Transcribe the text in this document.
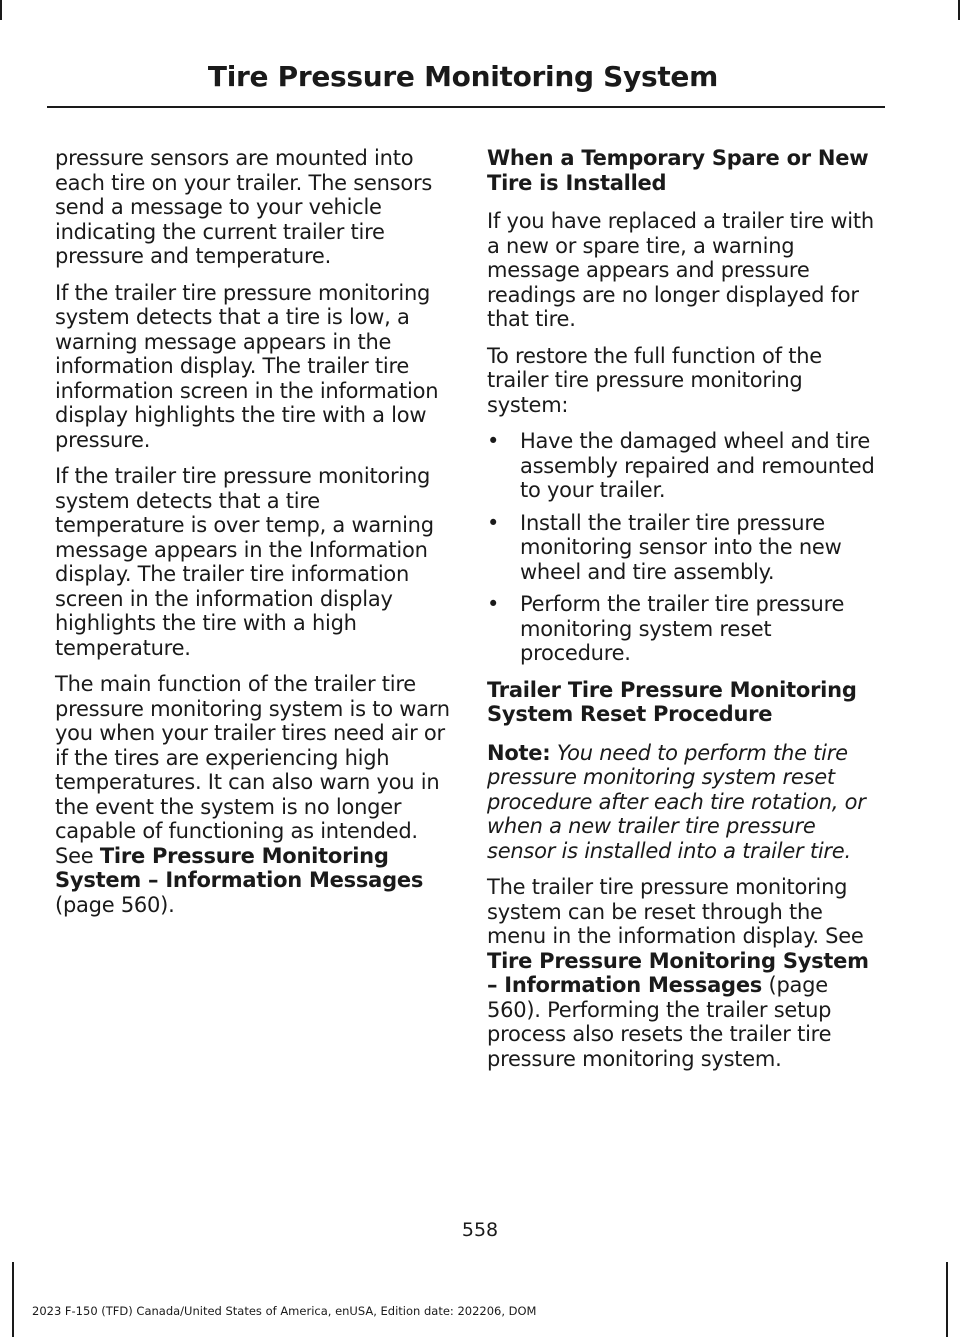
Tire Pressure Monitoring System

pressure sensors are mounted into each tire on your trailer. The sensors send a message to your vehicle indicating the current trailer tire pressure and temperature.

If the trailer tire pressure monitoring system detects that a tire is low, a warning message appears in the information display. The trailer tire information screen in the information display highlights the tire with a low pressure.

If the trailer tire pressure monitoring system detects that a tire temperature is over temp, a warning message appears in the Information display. The trailer tire information screen in the information display highlights the tire with a high temperature.

The main function of the trailer tire pressure monitoring system is to warn you when your trailer tires need air or if the tires are experiencing high temperatures. It can also warn you in the event the system is no longer capable of functioning as intended. See Tire Pressure Monitoring System – Information Messages (page 560).

When a Temporary Spare or New Tire is Installed

If you have replaced a trailer tire with a new or spare tire, a warning message appears and pressure readings are no longer displayed for that tire.

To restore the full function of the trailer tire pressure monitoring system:

• Have the damaged wheel and tire assembly repaired and remounted to your trailer.
• Install the trailer tire pressure monitoring sensor into the new wheel and tire assembly.
• Perform the trailer tire pressure monitoring system reset procedure.
Trailer Tire Pressure Monitoring System Reset Procedure

Note: You need to perform the tire pressure monitoring system reset procedure after each tire rotation, or when a new trailer tire pressure sensor is installed into a trailer tire.

The trailer tire pressure monitoring system can be reset through the menu in the information display. See Tire Pressure Monitoring System – Information Messages (page 560). Performing the trailer setup process also resets the trailer tire pressure monitoring system.

558
2023 F-150 (TFD) Canada/United States of America, enUSA, Edition date: 202206, DOM
